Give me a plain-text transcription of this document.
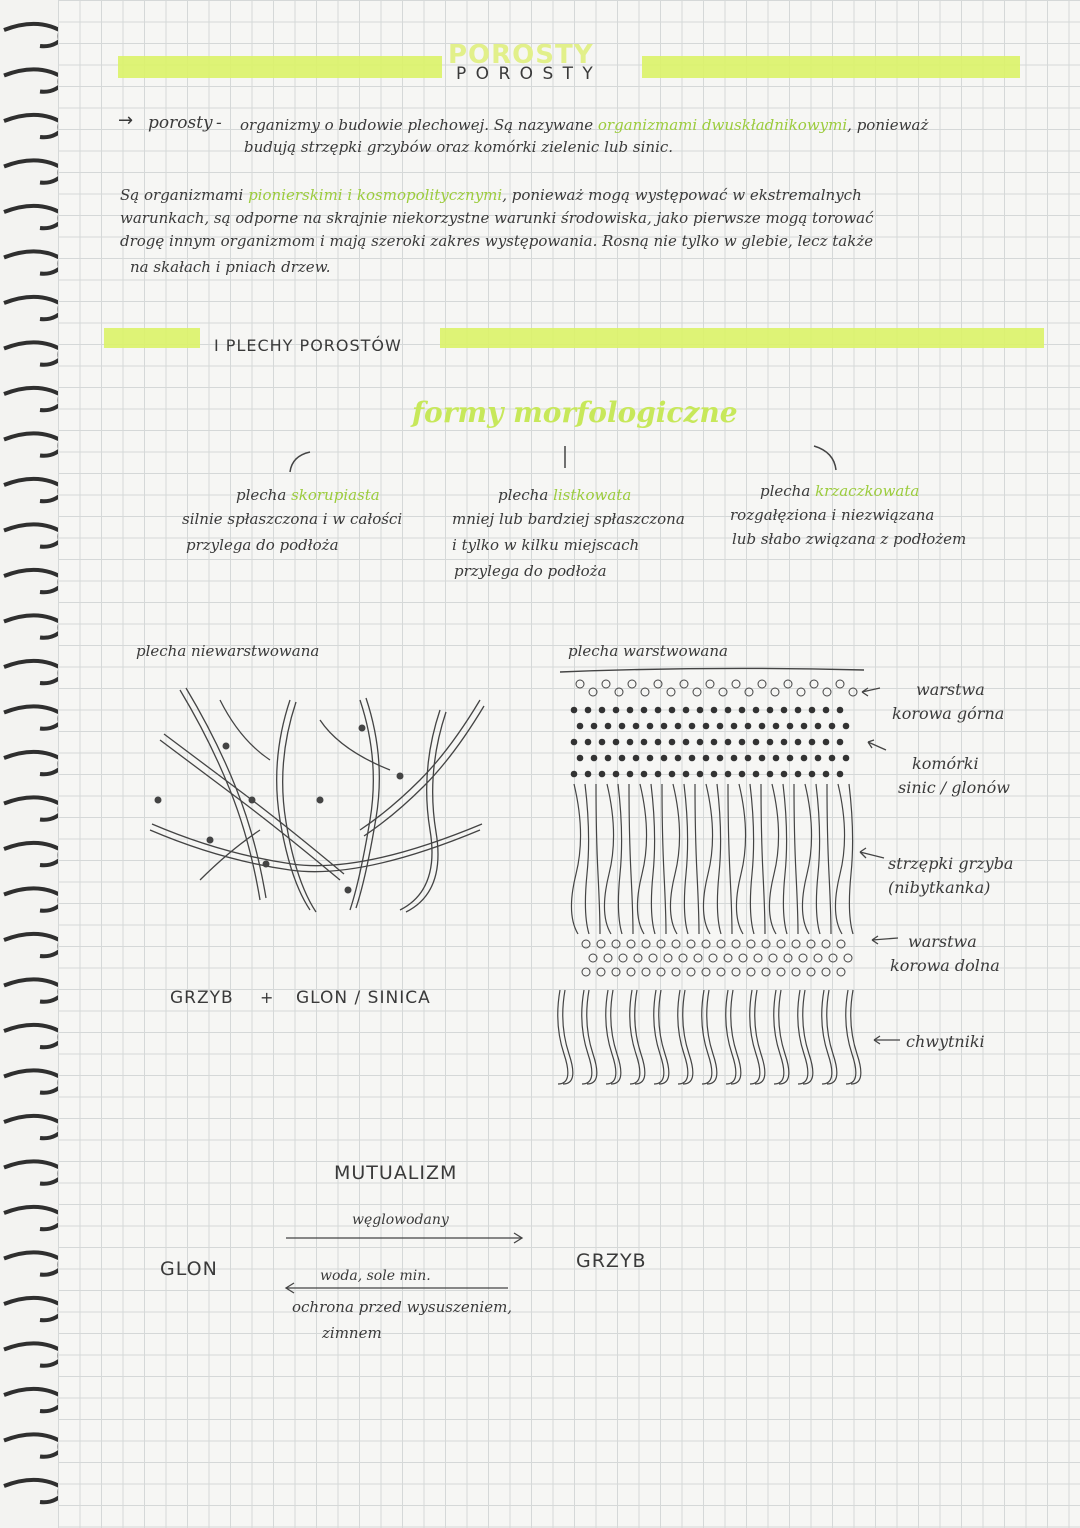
POROSTY
P O R O S T Y
→ porosty - organizmy o budowie plechowej. Są nazywane organizmami dwuskładnikowymi, ponieważ
budują strzępki grzybów oraz komórki zielenic lub sinic.
Są organizmami pionierskimi i kosmopolitycznymi, ponieważ mogą występować w ekstremalnych
warunkach, są odporne na skrajnie niekorzystne warunki środowiska, jako pierwsze mogą torować
drogę innym organizmom i mają szeroki zakres występowania. Rosną nie tylko w glebie, lecz także
na skałach i pniach drzew.
I PLECHY POROSTÓW
formy morfologiczne
plecha skorupiasta
silnie spłaszczona i w całości
przylega do podłoża
plecha listkowata
mniej lub bardziej spłaszczona
i tylko w kilku miejscach
przylega do podłoża
plecha krzaczkowata
rozgałęziona i niezwiązana
lub słabo związana z podłożem
plecha niewarstwowana
GRZYB + GLON / SINICA
plecha warstwowana
warstwa
korowa górna
komórki
sinic / glonów
strzępki grzyba
(nibytkanka)
warstwa
korowa dolna
chwytniki
MUTUALIZM
GLON	GRZYB
węglowodany
woda, sole min.
ochrona przed wysuszeniem,
zimnem
